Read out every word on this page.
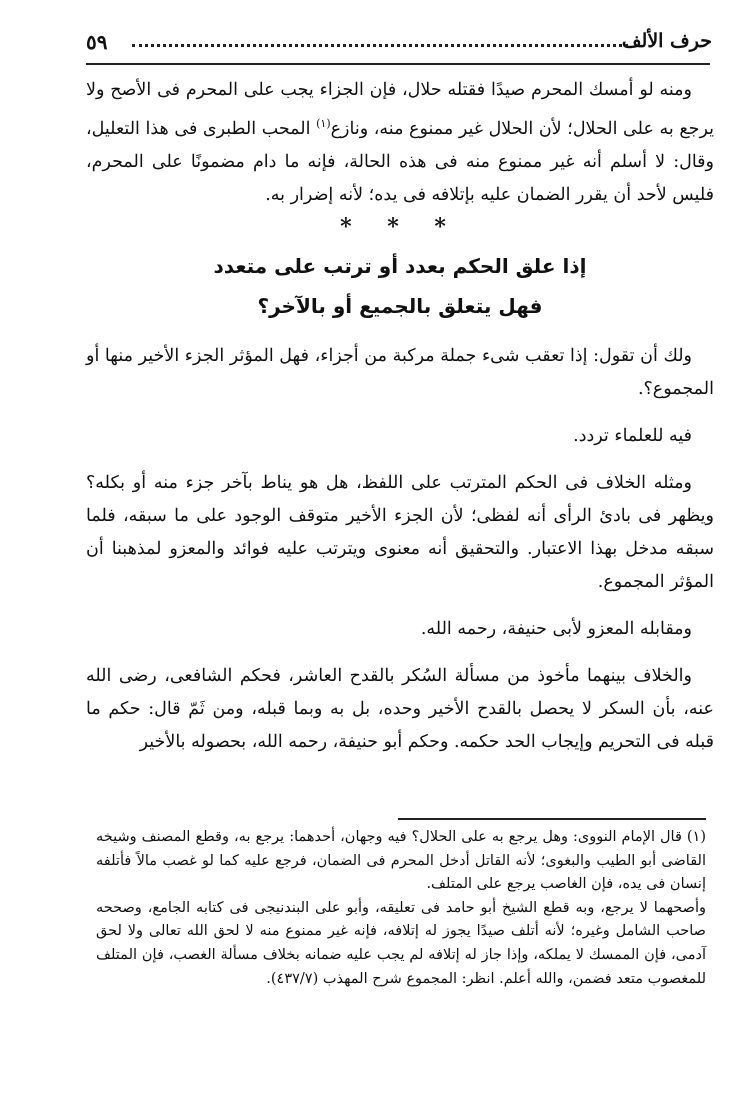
حرف الألف
٥٩

ومنه لو أمسك المحرم صيدًا فقتله حلال، فإن الجزاء يجب على المحرم فى الأصح ولا يرجع به على الحلال؛ لأن الحلال غير ممنوع منه، ونازع$^{(١)}$ المحب الطبرى فى هذا التعليل، وقال: لا أسلم أنه غير ممنوع منه فى هذه الحالة، فإنه ما دام مضمونًا على المحرم، فليس لأحد أن يقرر الضمان عليه بإتلافه فى يده؛ لأنه إضرار به.

* * *
إذا علق الحكم بعدد أو ترتب على متعدد
فهل يتعلق بالجميع أو بالآخر؟

ولك أن تقول: إذا تعقب شىء جملة مركبة من أجزاء، فهل المؤثر الجزء الأخير منها أو المجموع؟.

فيه للعلماء تردد.

ومثله الخلاف فى الحكم المترتب على اللفظ، هل هو يناط بآخر جزء منه أو بكله؟ ويظهر فى بادئ الرأى أنه لفظى؛ لأن الجزء الأخير متوقف الوجود على ما سبقه، فلما سبقه مدخل بهذا الاعتبار. والتحقيق أنه معنوى ويترتب عليه فوائد والمعزو لمذهبنا أن المؤثر المجموع.

ومقابله المعزو لأبى حنيفة، رحمه الله.

والخلاف بينهما مأخوذ من مسألة السُكر بالقدح العاشر، فحكم الشافعى، رضى الله عنه، بأن السكر لا يحصل بالقدح الأخير وحده، بل به وبما قبله، ومن ثَمّ قال: حكم ما قبله فى التحريم وإيجاب الحد حكمه. وحكم أبو حنيفة، رحمه الله، بحصوله بالأخير

(١) قال الإمام النووى: وهل يرجع به على الحلال؟ فيه وجهان، أحدهما: يرجع به، وقطع المصنف وشيخه القاضى أبو الطيب والبغوى؛ لأنه القاتل أدخل المحرم فى الضمان، فرجع عليه كما لو غصب مالاً فأتلفه إنسان فى يده، فإن الغاصب يرجع على المتلف.

وأصحهما لا يرجع، وبه قطع الشيخ أبو حامد فى تعليقه، وأبو على البندنيجى فى كتابه الجامع، وصححه صاحب الشامل وغيره؛ لأنه أتلف صيدًا يجوز له إتلافه، فإنه غير ممنوع منه لا لحق الله تعالى ولا لحق آدمى، فإن الممسك لا يملكه، وإذا جاز له إتلافه لم يجب عليه ضمانه بخلاف مسألة الغصب، فإن المتلف للمغصوب متعد فضمن، والله أعلم. انظر: المجموع شرح المهذب (٤٣٧/٧).
